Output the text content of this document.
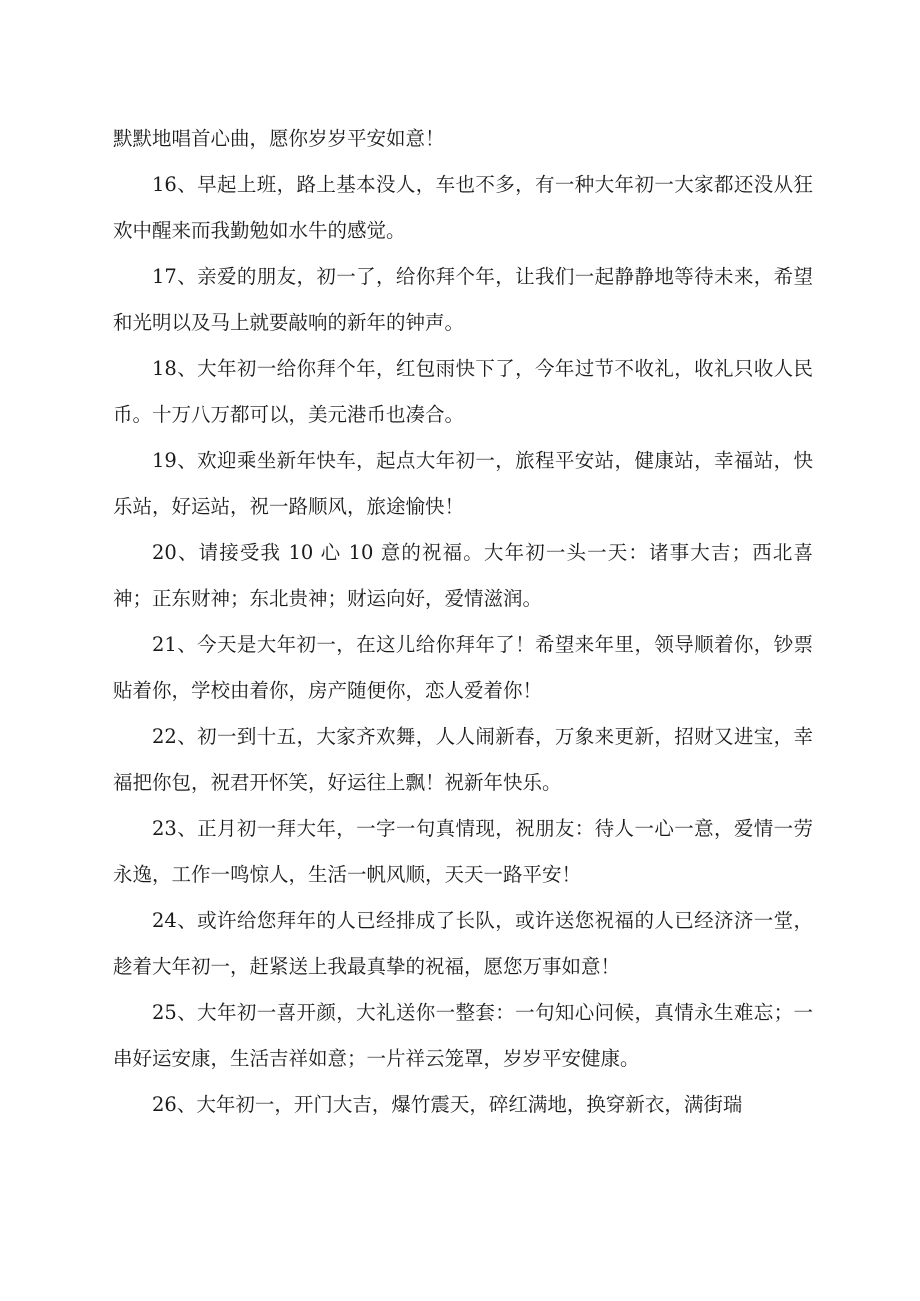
默默地唱首心曲，愿你岁岁平安如意！

16、早起上班，路上基本没人，车也不多，有一种大年初一大家都还没从狂欢中醒来而我勤勉如水牛的感觉。

17、亲爱的朋友，初一了，给你拜个年，让我们一起静静地等待未来，希望和光明以及马上就要敲响的新年的钟声。

18、大年初一给你拜个年，红包雨快下了，今年过节不收礼，收礼只收人民币。十万八万都可以，美元港币也凑合。

19、欢迎乘坐新年快车，起点大年初一，旅程平安站，健康站，幸福站，快乐站，好运站，祝一路顺风，旅途愉快！

20、请接受我 10 心 10 意的祝福。大年初一头一天：诸事大吉；西北喜神；正东财神；东北贵神；财运向好，爱情滋润。

21、今天是大年初一，在这儿给你拜年了！希望来年里，领导顺着你，钞票贴着你，学校由着你，房产随便你，恋人爱着你！

22、初一到十五，大家齐欢舞，人人闹新春，万象来更新，招财又进宝，幸福把你包，祝君开怀笑，好运往上飘！祝新年快乐。

23、正月初一拜大年，一字一句真情现，祝朋友：待人一心一意，爱情一劳永逸，工作一鸣惊人，生活一帆风顺，天天一路平安！

24、或许给您拜年的人已经排成了长队，或许送您祝福的人已经济济一堂，趁着大年初一，赶紧送上我最真挚的祝福，愿您万事如意！

25、大年初一喜开颜，大礼送你一整套：一句知心问候，真情永生难忘；一串好运安康，生活吉祥如意；一片祥云笼罩，岁岁平安健康。

26、大年初一，开门大吉，爆竹震天，碎红满地，换穿新衣，满街瑞
